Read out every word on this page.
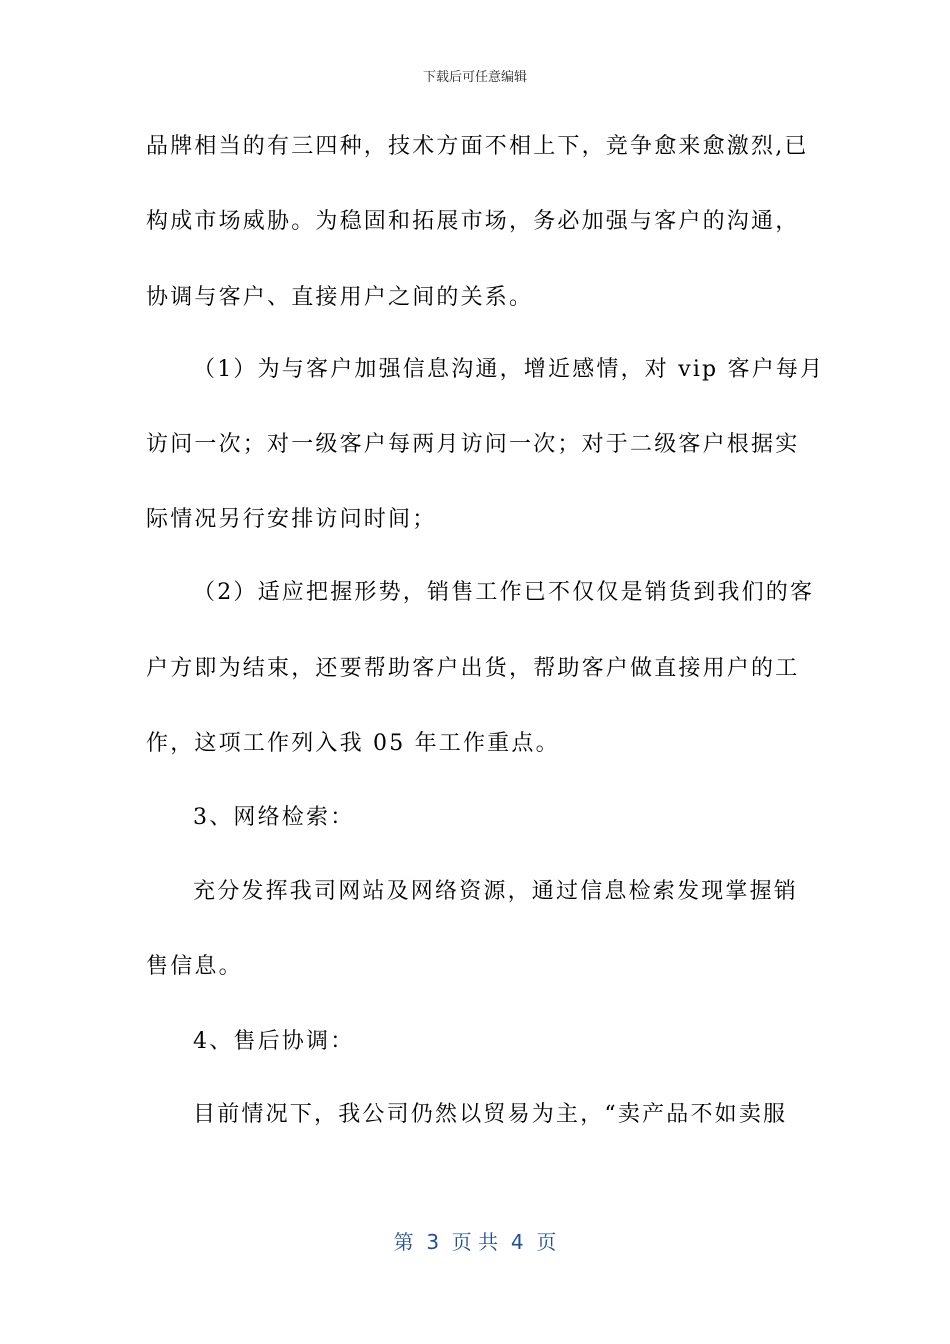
下载后可任意编辑
品牌相当的有三四种，技术方面不相上下，竞争愈来愈激烈,已
构成市场威胁。为稳固和拓展市场，务必加强与客户的沟通，
协调与客户、直接用户之间的关系。
（1）为与客户加强信息沟通，增近感情，对 vip 客户每月
访问一次；对一级客户每两月访问一次；对于二级客户根据实
际情况另行安排访问时间；
（2）适应把握形势，销售工作已不仅仅是销货到我们的客
户方即为结束，还要帮助客户出货，帮助客户做直接用户的工
作，这项工作列入我 05 年工作重点。
3、网络检索：
充分发挥我司网站及网络资源，通过信息检索发现掌握销
售信息。
4、售后协调：
目前情况下，我公司仍然以贸易为主，“卖产品不如卖服
第  3  页 共  4  页
